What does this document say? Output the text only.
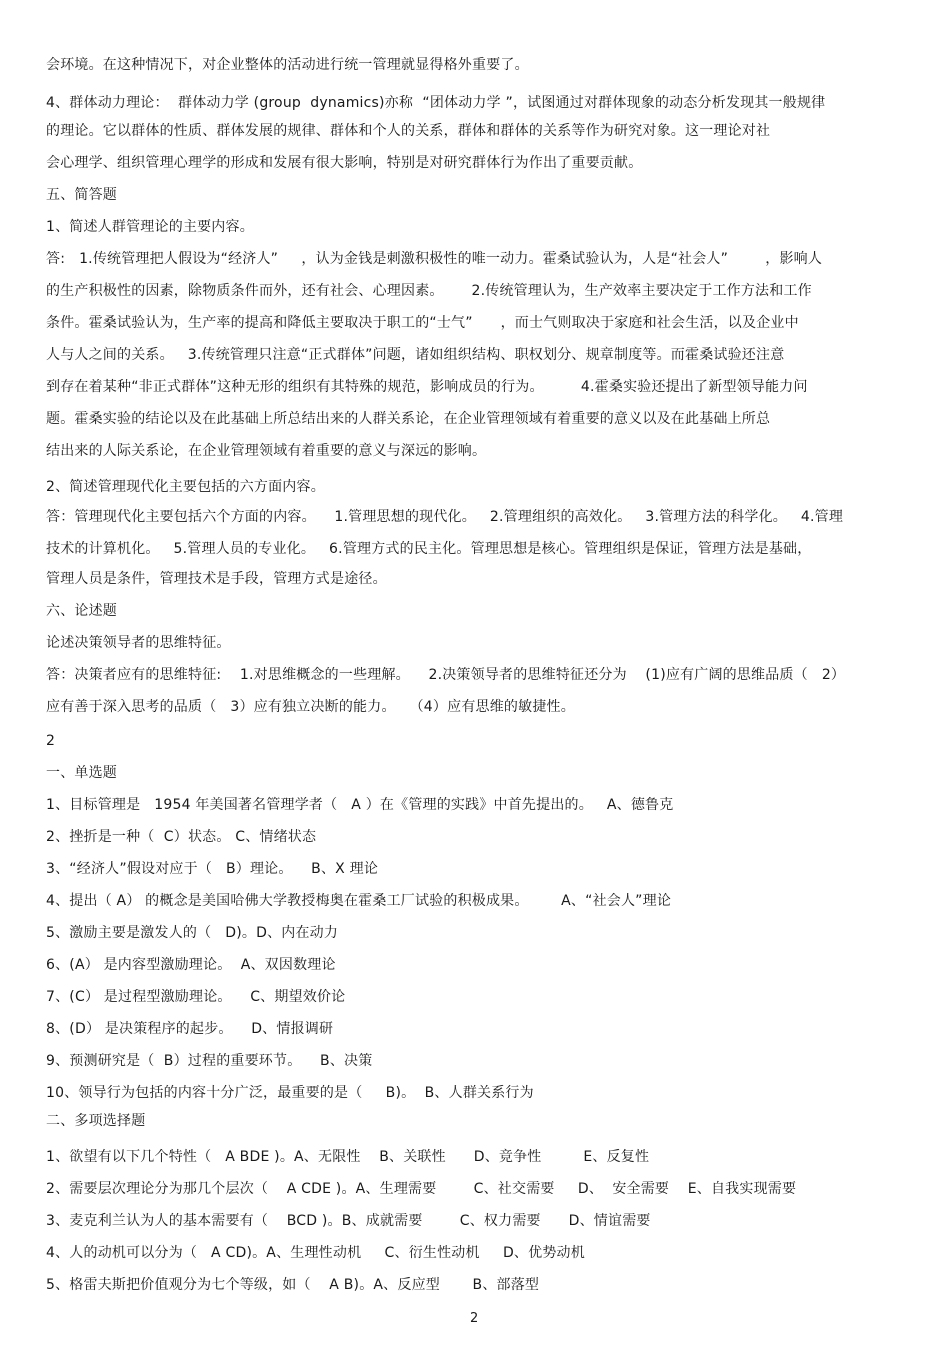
会环境。在这种情况下，对企业整体的活动进行统一管理就显得格外重要了。
4、群体动力理论：  群体动力学 (group  dynamics)亦称  “团体动力学 ”，试图通过对群体现象的动态分析发现其一般规律
的理论。它以群体的性质、群体发展的规律、群体和个人的关系，群体和群体的关系等作为研究对象。这一理论对社
会心理学、组织管理心理学的形成和发展有很大影响，特别是对研究群体行为作出了重要贡献。
五、简答题
1、简述人群管理论的主要内容。
答:   1.传统管理把人假设为“经济人”     ，认为金钱是刺激积极性的唯一动力。霍桑试验认为，人是“社会人”        ，影响人
的生产积极性的因素，除物质条件而外，还有社会、心理因素。      2.传统管理认为，生产效率主要决定于工作方法和工作
条件。霍桑试验认为，生产率的提高和降低主要取决于职工的“士气”      ，而士气则取决于家庭和社会生活，以及企业中
人与人之间的关系。   3.传统管理只注意“正式群体”问题，诸如组织结构、职权划分、规章制度等。而霍桑试验还注意
到存在着某种“非正式群体”这种无形的组织有其特殊的规范，影响成员的行为。        4.霍桑实验还提出了新型领导能力问
题。霍桑实验的结论以及在此基础上所总结出来的人群关系论，在企业管理领域有着重要的意义以及在此基础上所总
结出来的人际关系论，在企业管理领域有着重要的意义与深远的影响。
2、简述管理现代化主要包括的六方面内容。
答：管理现代化主要包括六个方面的内容。    1.管理思想的现代化。   2.管理组织的高效化。   3.管理方法的科学化。   4.管理
技术的计算机化。   5.管理人员的专业化。   6.管理方式的民主化。管理思想是核心。管理组织是保证，管理方法是基础，
管理人员是条件，管理技术是手段，管理方式是途径。
六、论述题
论述决策领导者的思维特征。
答：决策者应有的思维特征:    1.对思维概念的一些理解。    2.决策领导者的思维特征还分为    (1)应有广阔的思维品质（   2）
应有善于深入思考的品质（   3）应有独立决断的能力。   （4）应有思维的敏捷性。
2
一、单选题
1、目标管理是   1954 年美国著名管理学者（   A ）在《管理的实践》中首先提出的。   A、德鲁克
2、挫折是一种（  C）状态。 C、情绪状态
3、“经济人”假设对应于（   B）理论。    B、X 理论
4、提出（ A） 的概念是美国哈佛大学教授梅奥在霍桑工厂试验的积极成果。       A、“社会人”理论
5、激励主要是激发人的（   D)。D、内在动力
6、(A） 是内容型激励理论。  A、双因数理论
7、(C） 是过程型激励理论。    C、期望效价论
8、(D） 是决策程序的起步。    D、情报调研
9、预测研究是（  B）过程的重要环节。    B、决策
10、领导行为包括的内容十分广泛，最重要的是（     B)。  B、人群关系行为
二、多项选择题
1、欲望有以下几个特性（   A BDE )。A、无限性    B、关联性      D、竞争性         E、反复性
2、需要层次理论分为那几个层次（    A CDE )。A、生理需要        C、社交需要     D、  安全需要    E、自我实现需要
3、麦克利兰认为人的基本需要有（    BCD )。B、成就需要        C、权力需要      D、情谊需要
4、人的动机可以分为（   A CD)。A、生理性动机     C、衍生性动机     D、优势动机
5、格雷夫斯把价值观分为七个等级，如（    A B)。A、反应型       B、部落型
2
